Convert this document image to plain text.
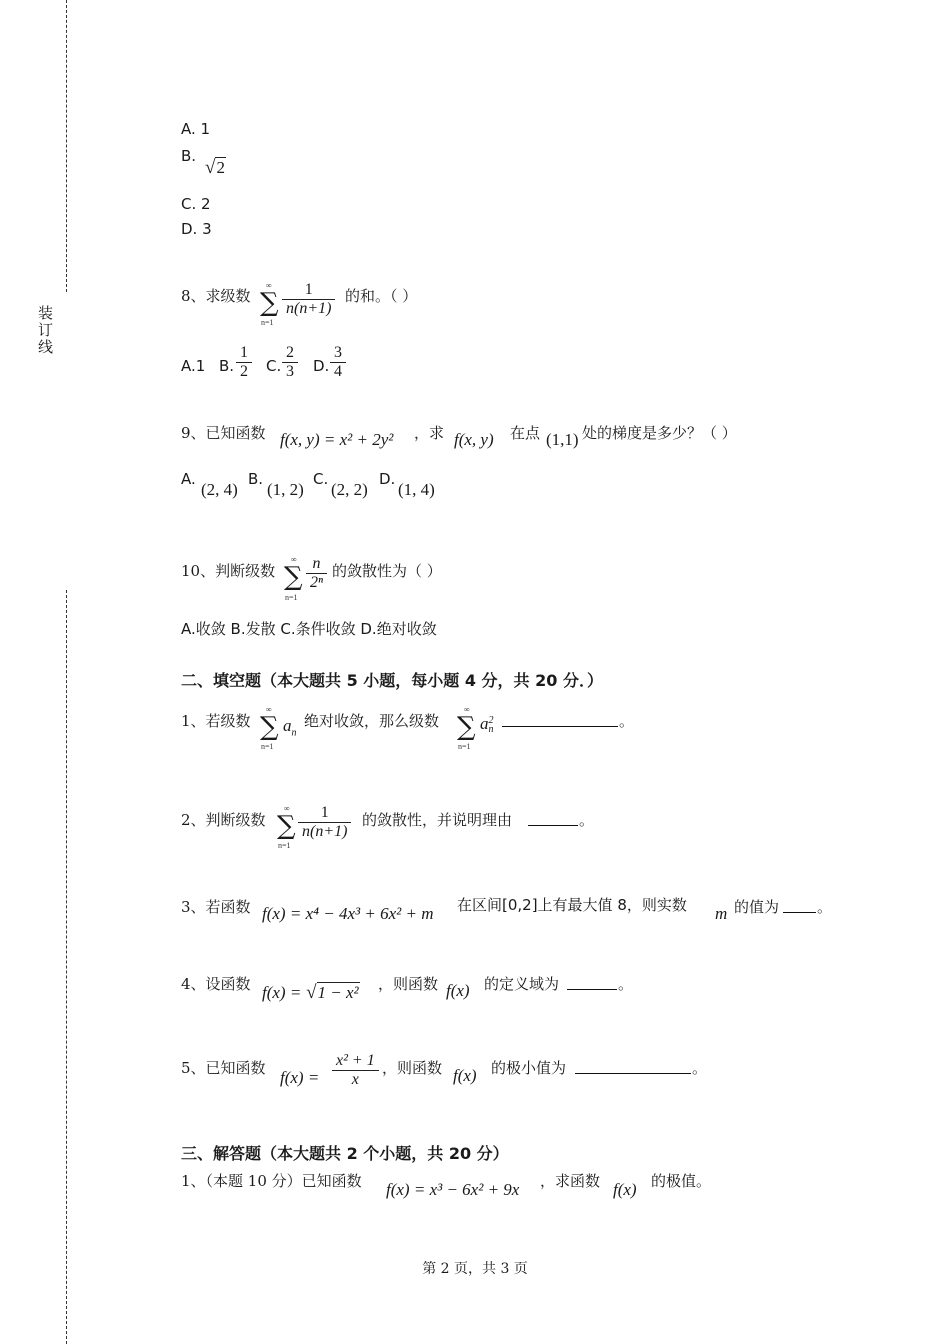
装订线
A. 1
B.
√2
C. 2
D. 3
8、求级数
∞
∑
n=1
$\frac{1}{n(n+1)}$ 的和。（ ）
A.1 B. $\frac{1}{2} C$. $\frac{2}{3} D$. $\frac{3}{4}$
9、已知函数 f(x, y) = x² + 2y² ，求 f(x, y) 在点 (1,1) 处的梯度是多少？（ ）
A.
(2, 4)
B.
(1, 2)
C.
(2, 2)
D.
(1, 4)
10、判断级数
∞
∑
n=1
$\frac{n}{\text{2ⁿ}}$ 的敛散性为（ ）
A.收敛 B.发散 C.条件收敛 D.绝对收敛
二、填空题（本大题共 5 小题，每小题 4 分，共 20 分．）
1、若级数
∞
∑
n=1
$a_n$
绝对收敛，那么级数
∞
∑
n=1
a 2
n	。
2、判断级数
∞
∑
n=1
$\frac{1}{n(n+1)}$ 的敛散性，并说明理由	。
3、若函数 f(x) = x⁴ − 4x³ + 6x² + m 在区间[0,2]上有最大值 8，则实数 m 的值为	。
4、设函数 f(x) = √1 − x² ，则函数 f(x) 的定义域为	。
5、已知函数 $f(x) = \frac{\text{x² + 1}}{x}$ ，则函数 f(x) 的极小值为	。
三、解答题（本大题共 2 个小题，共 20 分）
1、（本题 10 分）已知函数 f(x) = x³ − 6x² + 9x ，求函数 f(x) 的极值。
第 2 页，共 3 页
